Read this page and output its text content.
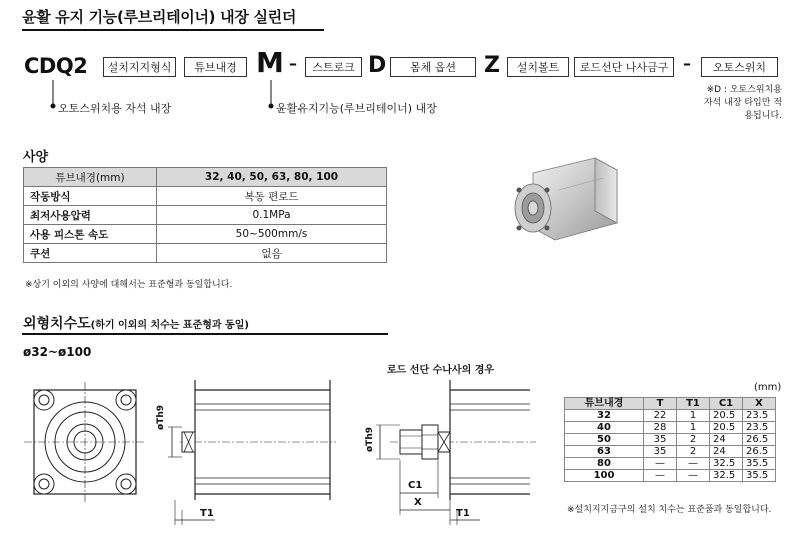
윤활 유지 기능(루브리테이너) 내장 실린더
CDQ2	설치지지형식	튜브내경 M –	스트로크 D	몸체 옵션	Z	설치볼트	로드선단 나사금구 –	오토스위치
오토스위치용 자석 내장	윤활유지기능(루브리테이너) 내장
※D : 오토스위치용 자석 내장 타입만 적용됩니다.
사양
튜브내경(mm)	32, 40, 50, 63, 80, 100
작동방식	복동 편로드
최저사용압력	0.1MPa
사용 피스톤 속도	50~500mm/s
쿠션	없음
※상기 이외의 사양에 대해서는 표준형과 동일합니다.
외형치수도(하기 이외의 치수는 표준형과 동일)
ø32~ø100
로드 선단 수나사의 경우
øTh9
T1
øTh9
C1
X
T1
(mm)
튜브내경	T	T1	C1	X
32	22	1	20.5	23.5
40	28	1	20.5	23.5
50	35	2	24	26.5
63	35	2	24	26.5
80	—	—	32.5	35.5
100	—	—	32.5	35.5
※설치지지금구의 설치 치수는 표준품과 동일합니다.
